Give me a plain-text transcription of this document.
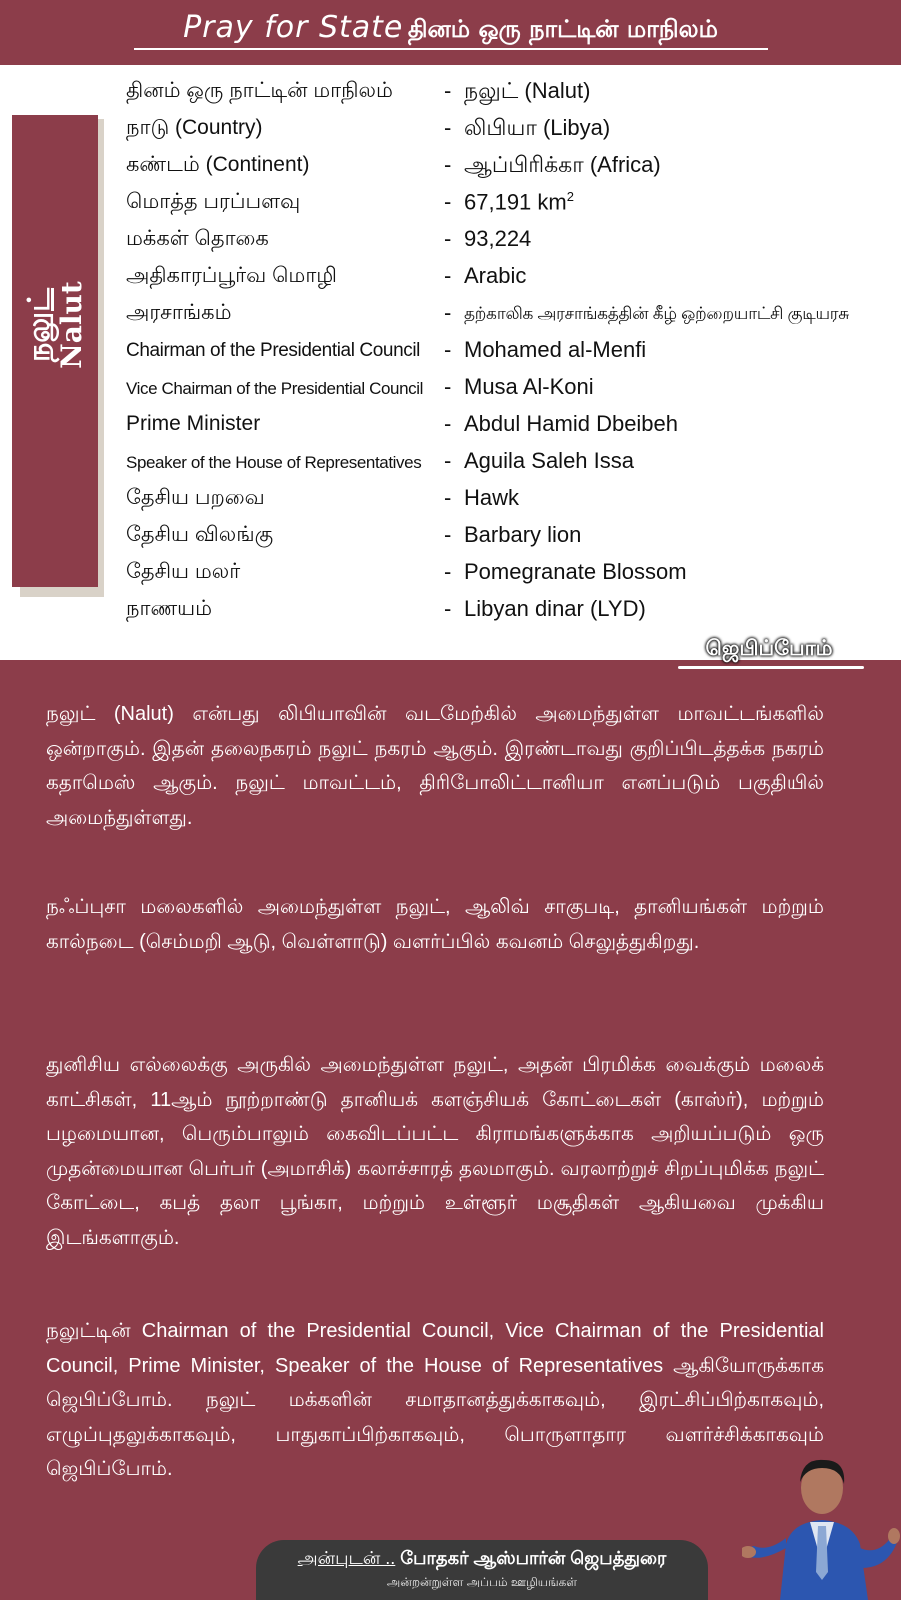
Pray for State தினம் ஒரு நாட்டின் மாநிலம்
நலுட்
Nalut
தினம் ஒரு நாட்டின் மாநிலம் - நலுட் (Nalut)
நாடு (Country)	- லிபியா (Libya)
கண்டம் (Continent)	- ஆப்பிரிக்கா (Africa)
மொத்த பரப்பளவு	- 67,191 $km^2$
மக்கள் தொகை	- 93,224
அதிகாரப்பூர்வ மொழி	- Arabic
அரசாங்கம்	- தற்காலிக அரசாங்கத்தின் கீழ் ஒற்றையாட்சி குடியரசு
Chairman of the Presidential Council - Mohamed al-Menfi
Vice Chairman of the Presidential Council - Musa Al-Koni
Prime Minister	- Abdul Hamid Dbeibeh
Speaker of the House of Representatives - Aguila Saleh Issa
தேசிய பறவை	- Hawk
தேசிய விலங்கு	- Barbary lion
தேசிய மலர்	- Pomegranate Blossom
நாணயம்	- Libyan dinar (LYD)
ஜெபிப்போம்

நலுட் (Nalut) என்பது லிபியாவின் வடமேற்கில் அமைந்துள்ள மாவட்டங்களில் ஒன்றாகும். இதன் தலைநகரம் நலுட் நகரம் ஆகும். இரண்டாவது குறிப்பிடத்தக்க நகரம் கதாமெஸ் ஆகும். நலுட் மாவட்டம், திரிபோலிட்டானியா எனப்படும் பகுதியில் அமைந்துள்ளது.

நஃப்புசா மலைகளில் அமைந்துள்ள நலுட், ஆலிவ் சாகுபடி, தானியங்கள் மற்றும் கால்நடை (செம்மறி ஆடு, வெள்ளாடு) வளர்ப்பில் கவனம் செலுத்துகிறது.

துனிசிய எல்லைக்கு அருகில் அமைந்துள்ள நலுட், அதன் பிரமிக்க வைக்கும் மலைக் காட்சிகள், 11ஆம் நூற்றாண்டு தானியக் களஞ்சியக் கோட்டைகள் (காஸ்ர்), மற்றும் பழமையான, பெரும்பாலும் கைவிடப்பட்ட கிராமங்களுக்காக அறியப்படும் ஒரு முதன்மையான பெர்பர் (அமாசிக்) கலாச்சாரத் தலமாகும். வரலாற்றுச் சிறப்புமிக்க நலுட் கோட்டை, கபத் தலா பூங்கா, மற்றும் உள்ளூர் மசூதிகள் ஆகியவை முக்கிய இடங்களாகும்.

நலுட்டின் Chairman of the Presidential Council, Vice Chairman of the Presidential Council, Prime Minister, Speaker of the House of Representatives ஆகியோருக்காக ஜெபிப்போம். நலுட் மக்களின் சமாதானத்துக்காகவும், இரட்சிப்பிற்காகவும், எழுப்புதலுக்காகவும், பாதுகாப்பிற்காகவும், பொருளாதார வளர்ச்சிக்காகவும் ஜெபிப்போம்.

அன்புடன் .. போதகர் ஆஸ்பார்ன் ஜெபத்துரை
அன்றன்றுள்ள அப்பம் ஊழியங்கள்
